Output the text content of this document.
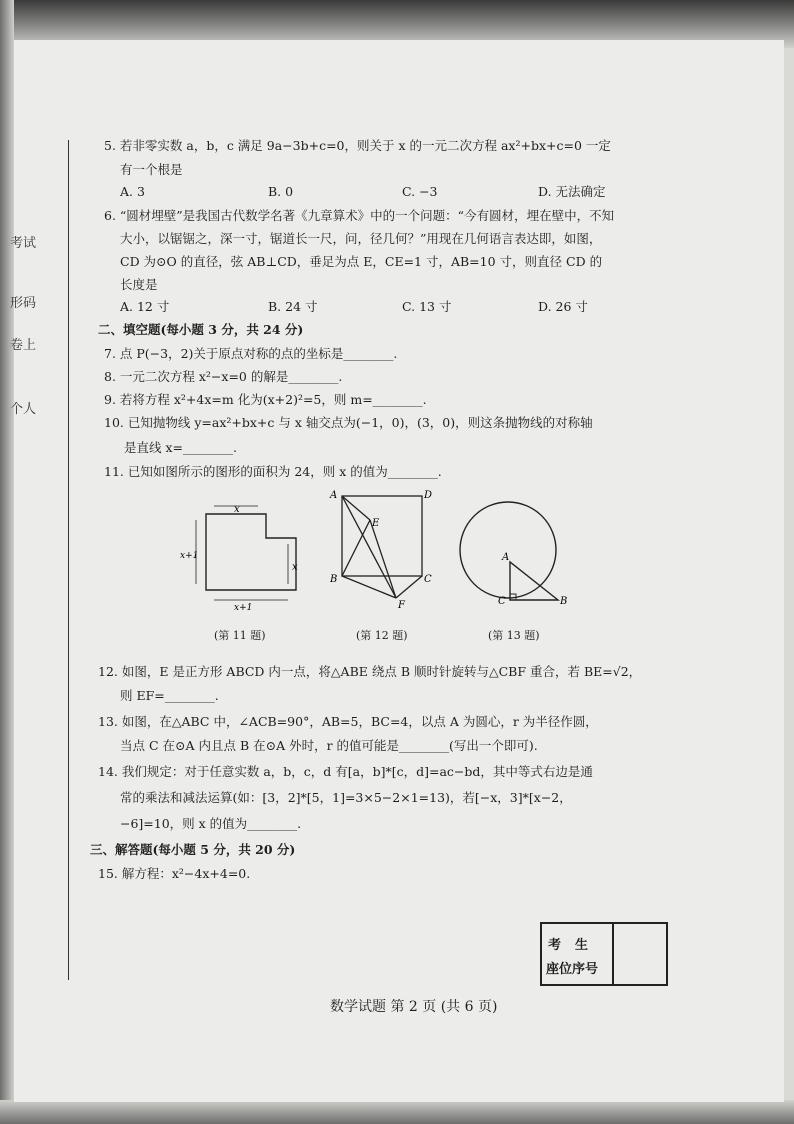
考试
形码
卷上
个人
5. 若非零实数 a，b，c 满足 9a−3b+c=0，则关于 x 的一元二次方程 ax²+bx+c=0 一定
有一个根是
A. 3	B. 0	C. −3	D. 无法确定
6. “圆材埋壁”是我国古代数学名著《九章算术》中的一个问题：“今有圆材，埋在壁中，不知
大小，以锯锯之，深一寸，锯道长一尺，问，径几何？”用现在几何语言表达即，如图，
CD 为⊙O 的直径，弦 AB⊥CD，垂足为点 E，CE=1 寸，AB=10 寸，则直径 CD 的
长度是
A. 12 寸	B. 24 寸	C. 13 寸	D. 26 寸
二、填空题(每小题 3 分，共 24 分)
7. 点 P(−3，2)关于原点对称的点的坐标是________.
8. 一元二次方程 x²−x=0 的解是________.
9. 若将方程 x²+4x=m 化为(x+2)²=5，则 m=________.
10. 已知抛物线 y=ax²+bx+c 与 x 轴交点为(−1，0)，(3，0)，则这条抛物线的对称轴
是直线 x=________.
11. 已知如图所示的图形的面积为 24，则 x 的值为________.
x
x+1
x
x+1
A	D
E
B	C
F
A
C	B
(第 11 题)	(第 12 题)	(第 13 题)
12. 如图，E 是正方形 ABCD 内一点，将△ABE 绕点 B 顺时针旋转与△CBF 重合，若 BE=√2，
则 EF=________.
13. 如图，在△ABC 中，∠ACB=90°，AB=5，BC=4，以点 A 为圆心，r 为半径作圆，
当点 C 在⊙A 内且点 B 在⊙A 外时，r 的值可能是________(写出一个即可).
14. 我们规定：对于任意实数 a，b，c，d 有[a，b]*[c，d]=ac−bd，其中等式右边是通
常的乘法和减法运算(如：[3，2]*[5，1]=3×5−2×1=13)，若[−x，3]*[x−2，
−6]=10，则 x 的值为________.
三、解答题(每小题 5 分，共 20 分)
15. 解方程：x²−4x+4=0.
考生
座位序号
数学试题 第 2 页 (共 6 页)
